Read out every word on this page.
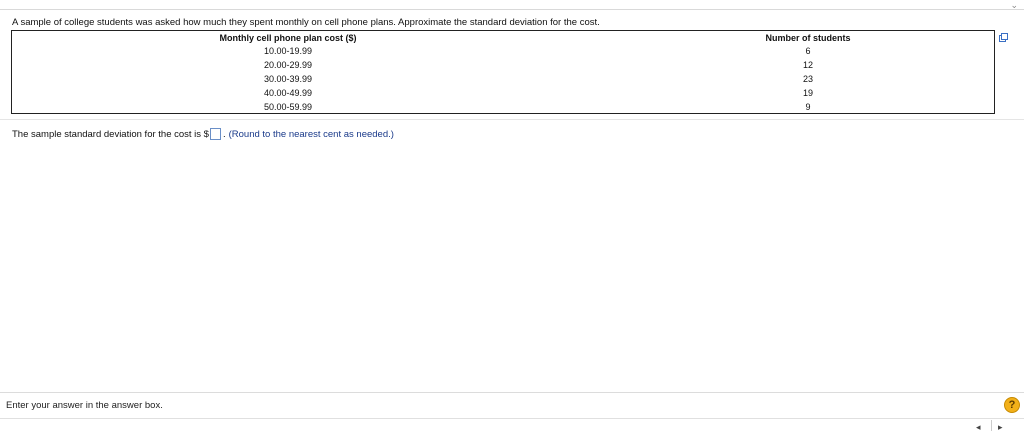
⌄
A sample of college students was asked how much they spent monthly on cell phone plans. Approximate the standard deviation for the cost.
Monthly cell phone plan cost ($)
10.00-19.99
20.00-29.99
30.00-39.99
40.00-49.99
50.00-59.99
Number of students
6
12
23
19
9
The sample standard deviation for the cost is $ . (Round to the nearest cent as needed.)
Enter your answer in the answer box.	?
◂ ▸
